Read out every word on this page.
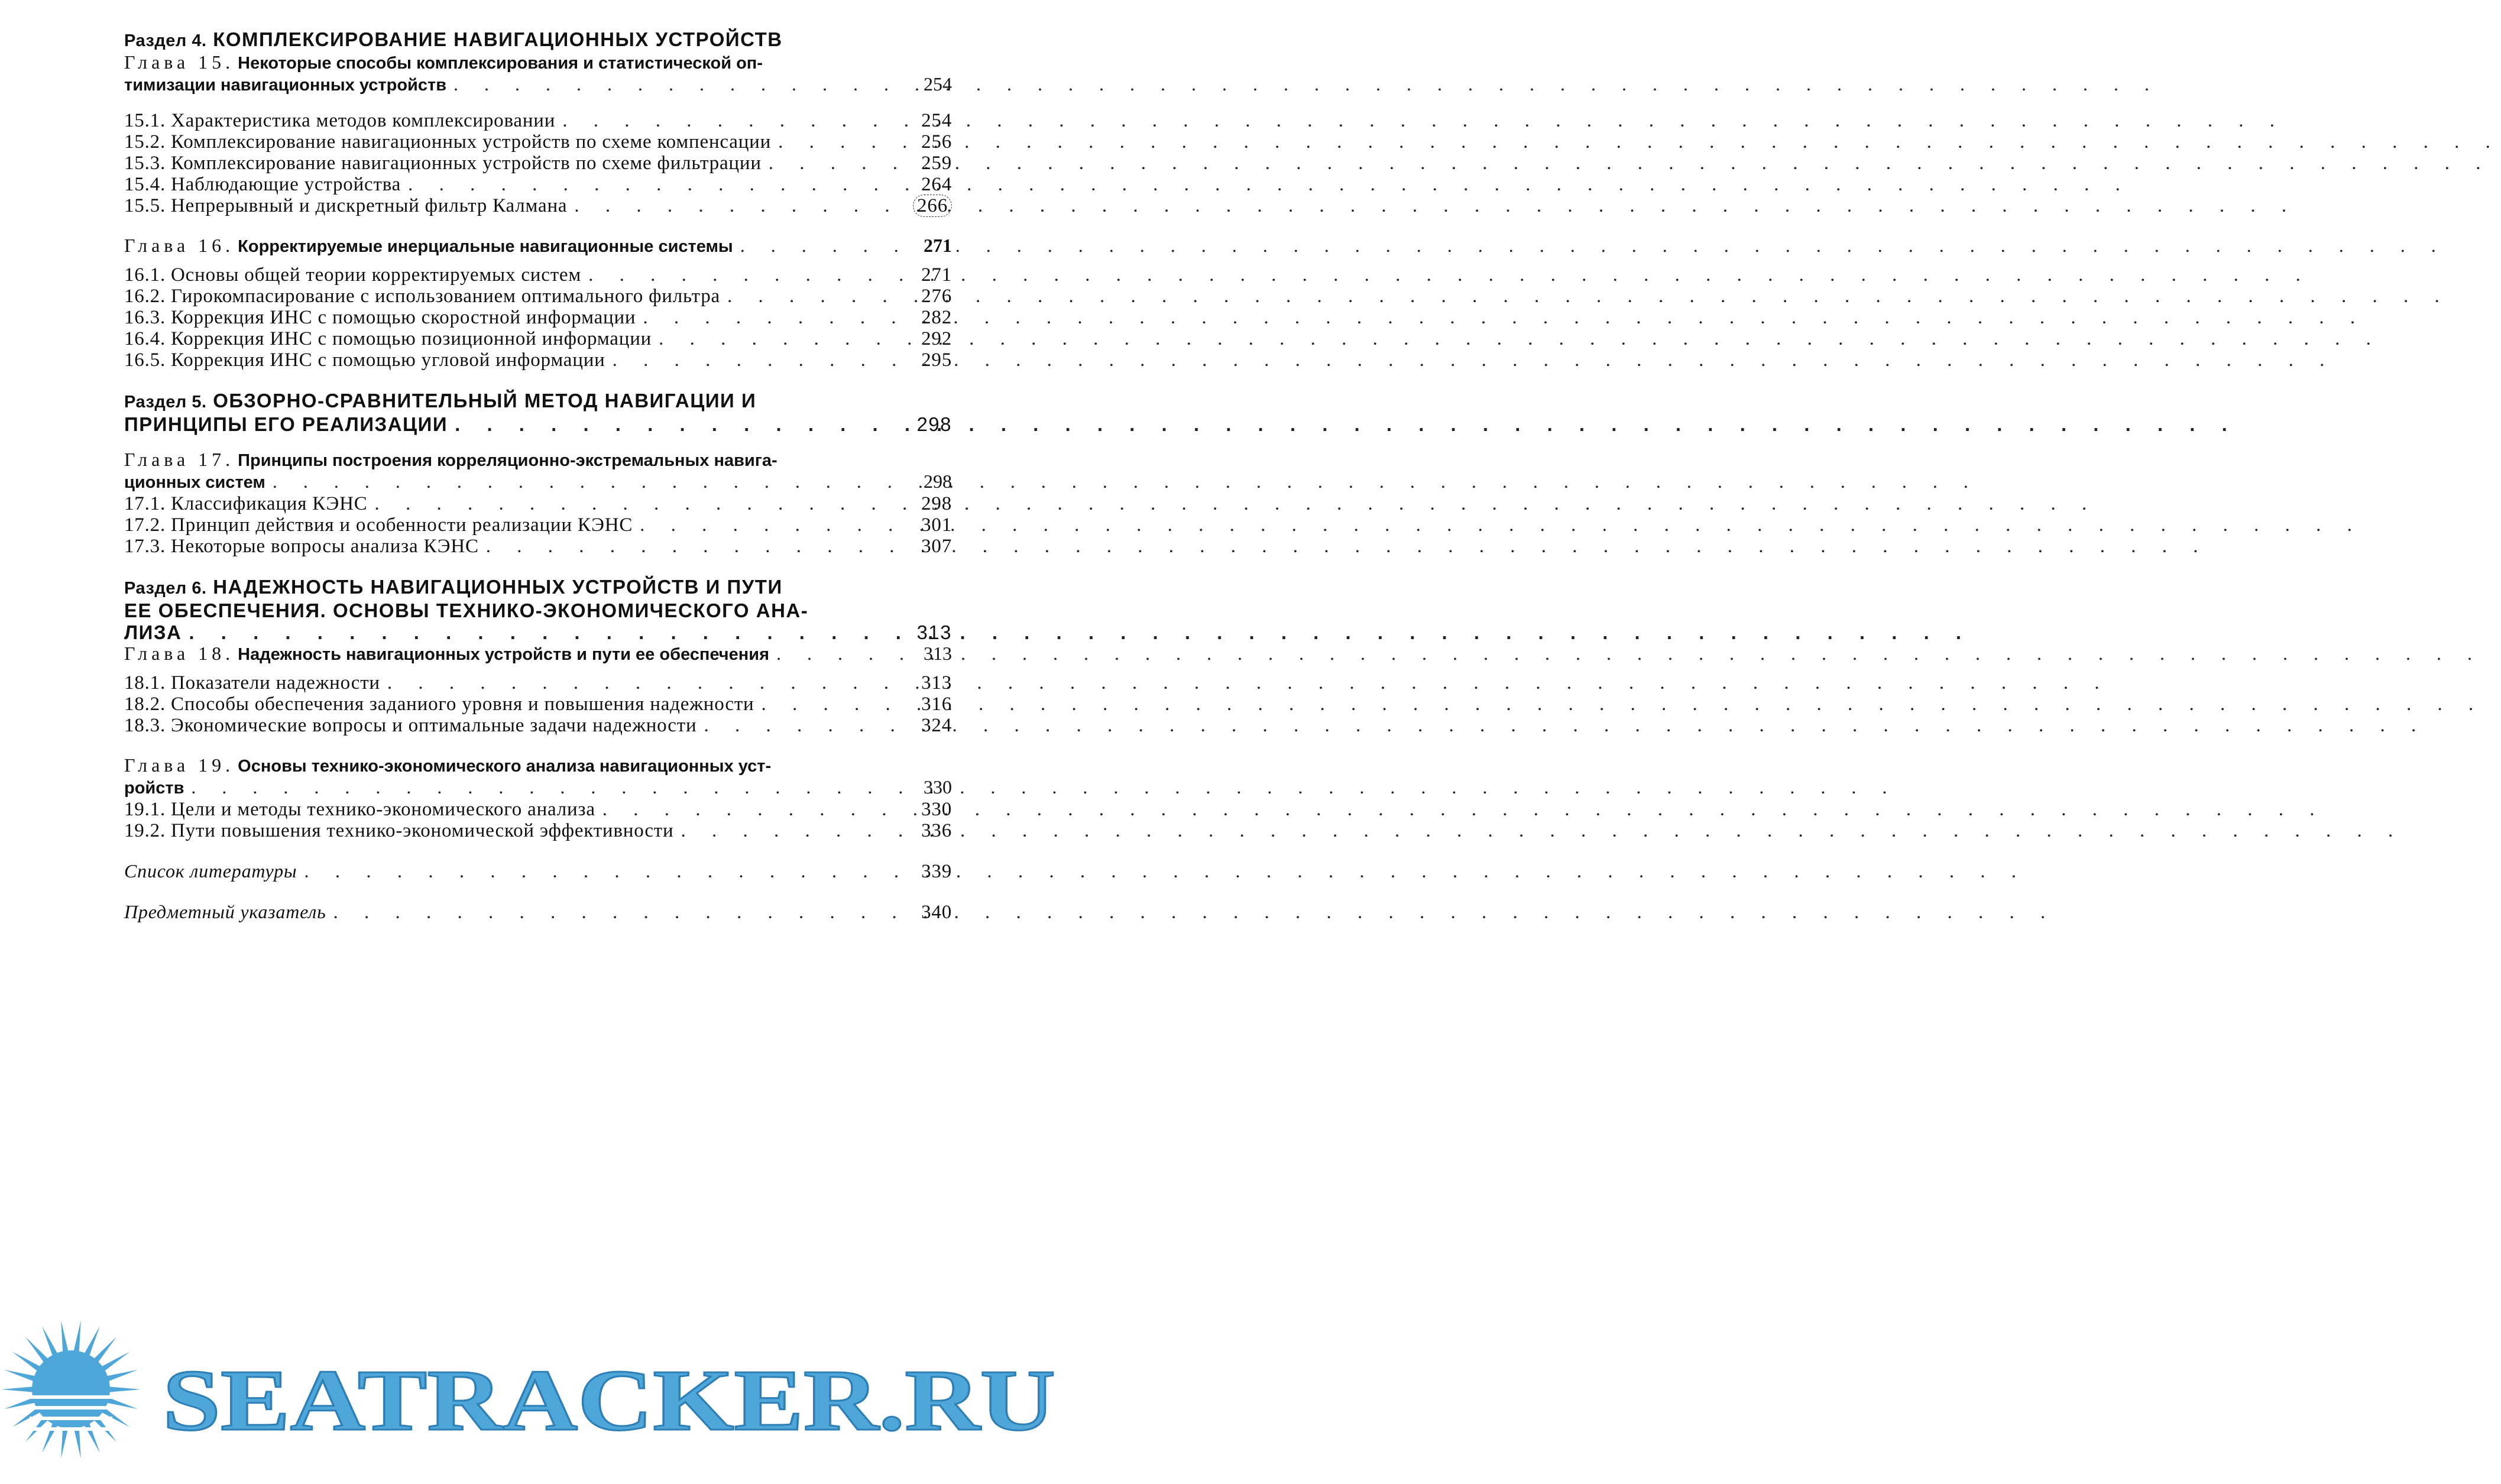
Раздел 4. КОМПЛЕКСИРОВАНИЕ НАВИГАЦИОННЫХ УСТРОЙСТВ
Глава 15. Некоторые способы комплексирования и статистической оп-
тимизации навигационных устройств . . .	254
15.1. Характеристика методов комплексировании . . .	254
15.2. Комплексирование навигационных устройств по схеме компенсации . . .	256
15.3. Комплексирование навигационных устройств по схеме фильтрации . . .	259
15.4. Наблюдающие устройства . . .	264
15.5. Непрерывный и дискретный фильтр Калмана . . .	266
Глава 16. Корректируемые инерциальные навигационные системы . . .	271
16.1. Основы общей теории корректируемых систем . . .	271
16.2. Гирокомпасирование с использованием оптимального фильтра . . .	276
16.3. Коррекция ИНС с помощью скоростной информации . . .	282
16.4. Коррекция ИНС с помощью позиционной информации . . .	292
16.5. Коррекция ИНС с помощью угловой информации . . .	295
Раздел 5. ОБЗОРНО-СРАВНИТЕЛЬНЫЙ МЕТОД НАВИГАЦИИ И
ПРИНЦИПЫ ЕГО РЕАЛИЗАЦИИ . . .	298
Глава 17. Принципы построения корреляционно-экстремальных навига-
ционных систем . . .	298
17.1. Классификация КЭНС . . .	298
17.2. Принцип действия и особенности реализации КЭНС . . .	301
17.3. Некоторые вопросы анализа КЭНС . . .	307
Раздел 6. НАДЕЖНОСТЬ НАВИГАЦИОННЫХ УСТРОЙСТВ И ПУТИ
ЕЕ ОБЕСПЕЧЕНИЯ. ОСНОВЫ ТЕХНИКО-ЭКОНОМИЧЕСКОГО АНА-
ЛИЗА . . .	313
Глава 18. Надежность навигационных устройств и пути ее обеспечения . . .	313
18.1. Показатели надежности . . .	313
18.2. Способы обеспечения заданиого уровня и повышения надежности . . .	316
18.3. Экономические вопросы и оптимальные задачи надежности . . .	324
Глава 19. Основы технико-экономического анализа навигационных уст-
ройств . . .	330
19.1. Цели и методы технико-экономического анализа . . .	330
19.2. Пути повышения технико-экономической эффективности . . .	336
Список литературы . . .	339
Предметный указатель . . .	340
SEATRACKER.RU
